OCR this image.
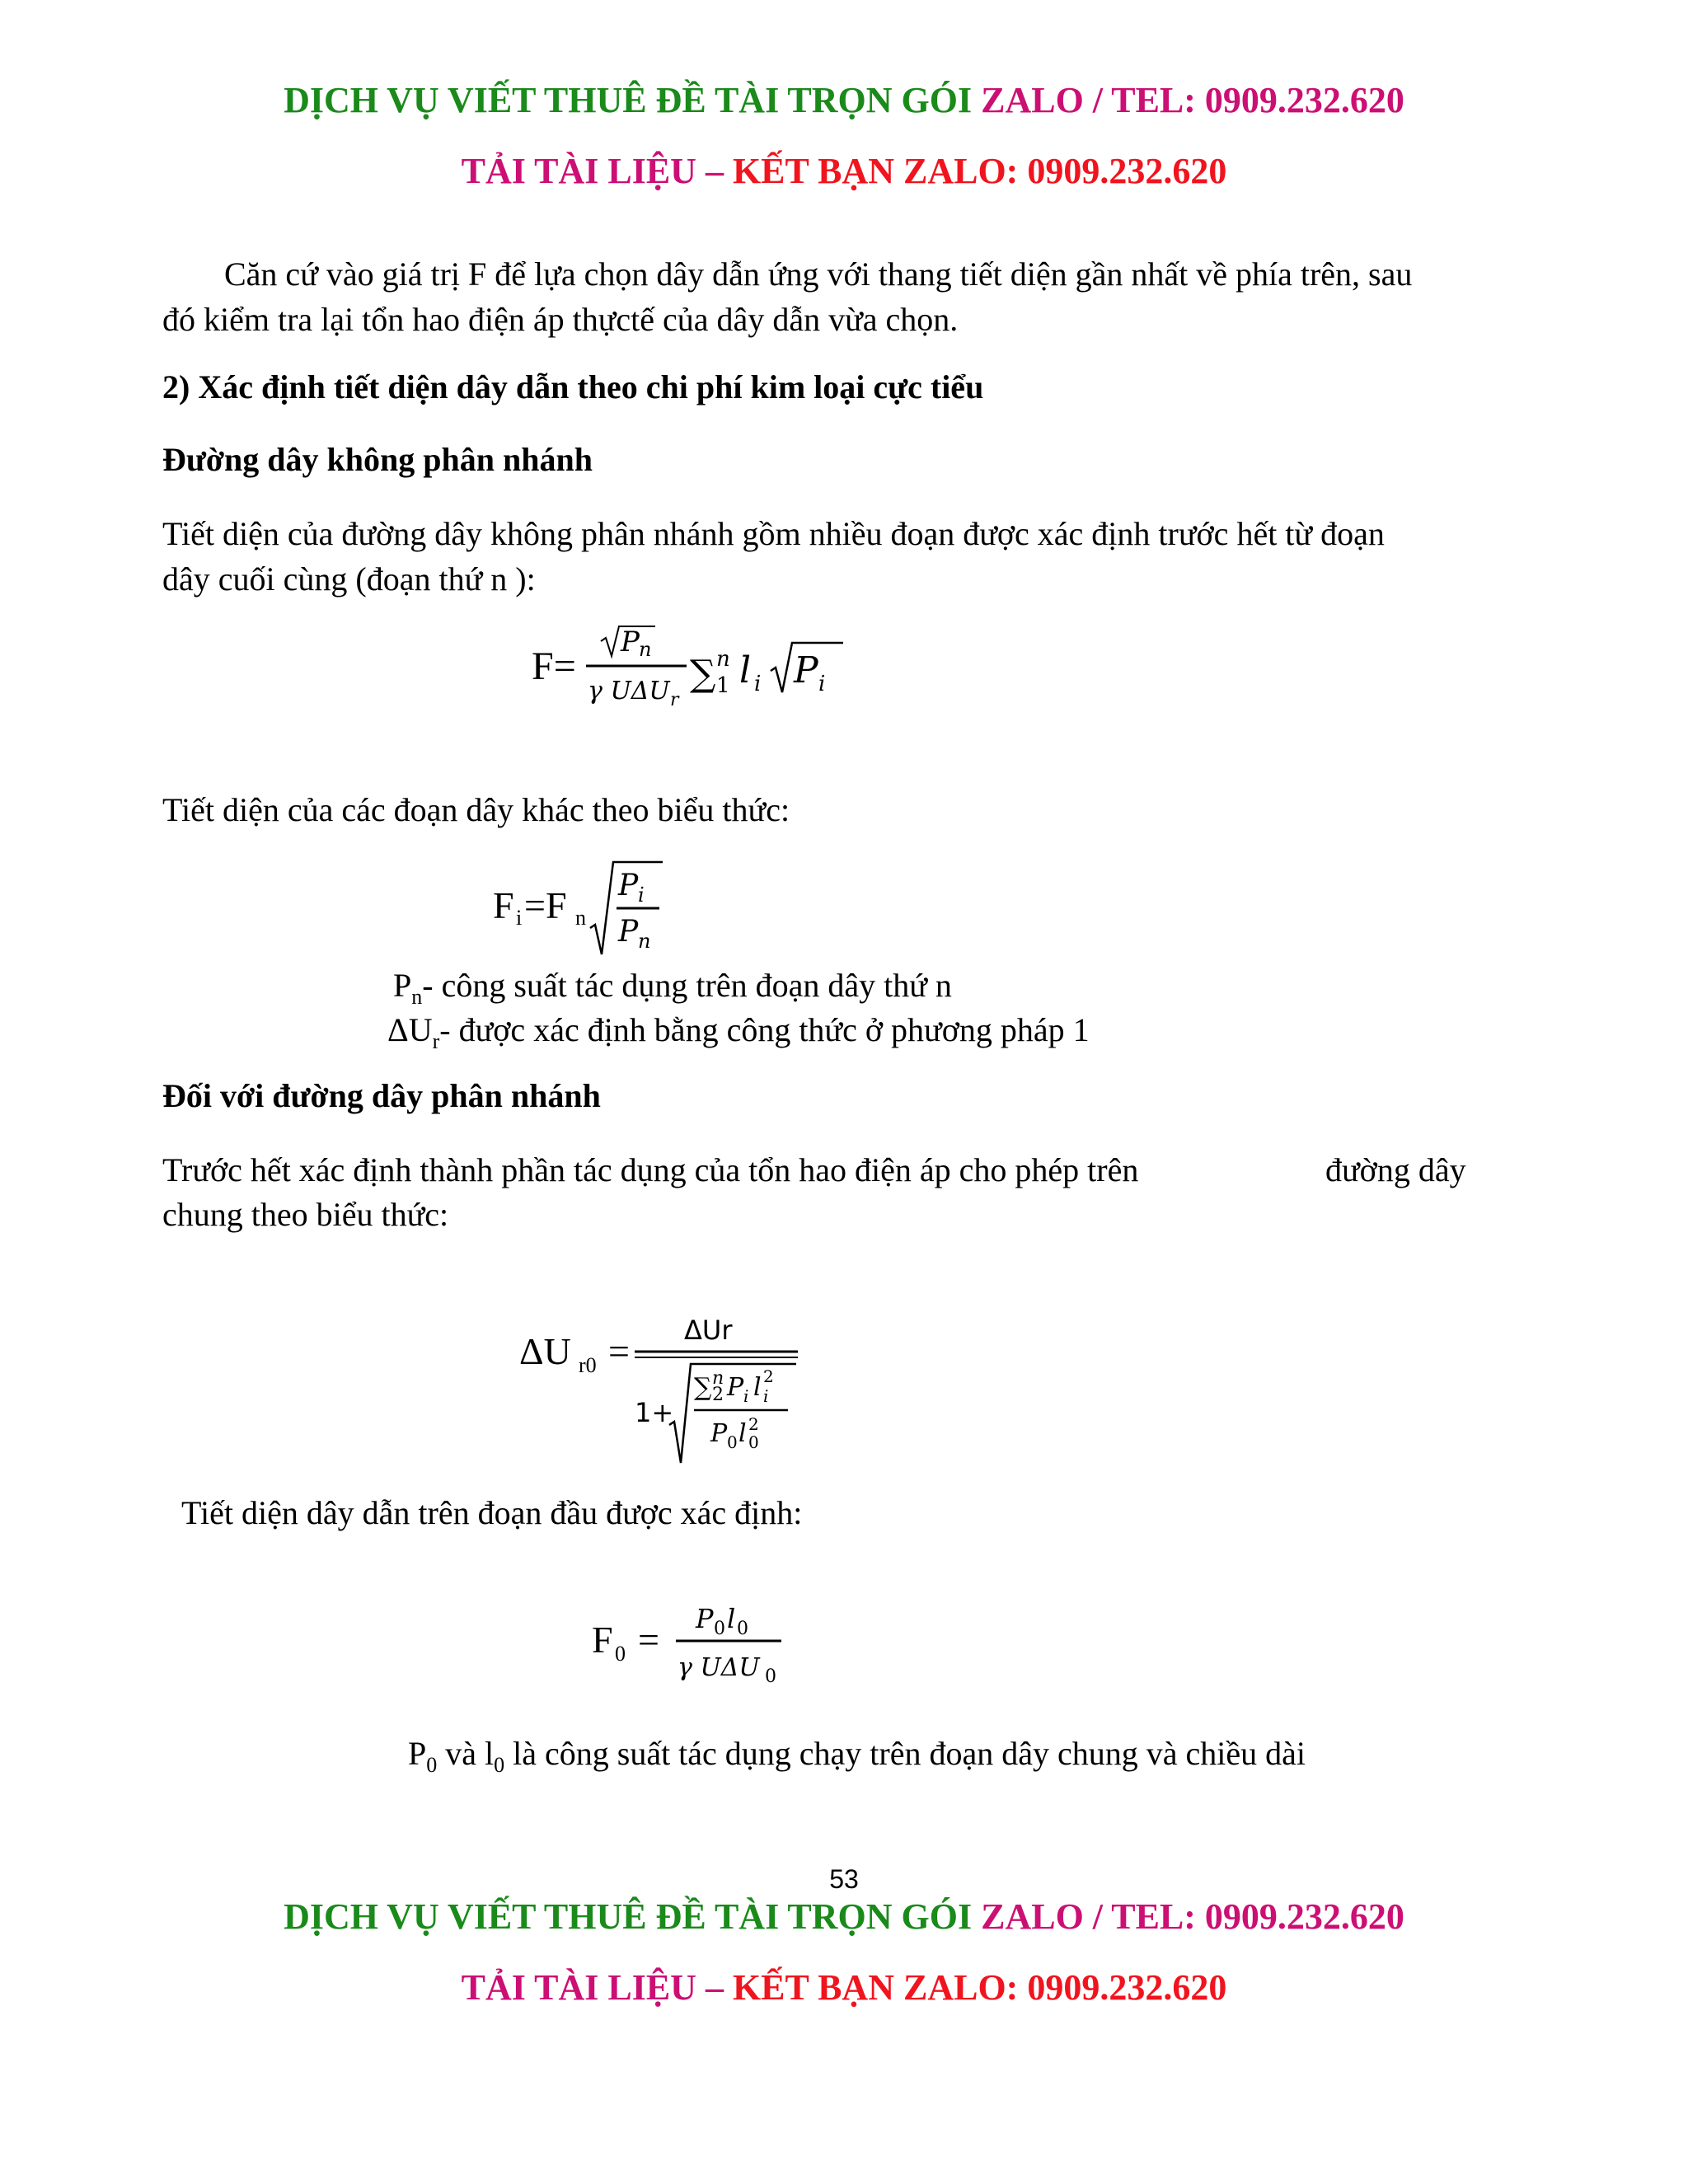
DỊCH VỤ VIẾT THUÊ ĐỀ TÀI TRỌN GÓI ZALO / TEL: 0909.232.620
TẢI TÀI LIỆU – KẾT BẠN ZALO: 0909.232.620
Căn cứ vào giá trị F để lựa chọn dây dẫn ứng với thang tiết diện gần nhất về phía trên, sau
đó kiểm tra lại tổn hao điện áp thựctế của dây dẫn vừa chọn.
2) Xác định tiết diện dây dẫn theo chi phí kim loại cực tiểu
Đường dây không phân nhánh
Tiết diện của đường dây không phân nhánh gồm nhiều đoạn được xác định trước hết từ đoạn
dây cuối cùng (đoạn thứ n ):
F=
P n
γ UΔU r
∑ n
1 l i P i
Tiết diện của các đoạn dây khác theo biểu thức:
F i =F n
P i
P n
$P_n-$ công suất tác dụng trên đoạn dây thứ n
$\Delta U_r-$ được xác định bằng công thức ở phương pháp 1
Đối với đường dây phân nhánh
Trước hết xác định thành phần tác dụng của tổn hao điện áp cho phép trên	đường dây
chung theo biểu thức:
ΔU r0 = ΔUr
1+
∑ n
2 P i l 2
i
P 0 l 2
0
Tiết diện dây dẫn trên đoạn đầu được xác định:
F 0 = P 0 l 0
γ UΔU 0
$P_0$ và $l_0$ là công suất tác dụng chạy trên đoạn dây chung và chiều dài
53
DỊCH VỤ VIẾT THUÊ ĐỀ TÀI TRỌN GÓI ZALO / TEL: 0909.232.620
TẢI TÀI LIỆU – KẾT BẠN ZALO: 0909.232.620
